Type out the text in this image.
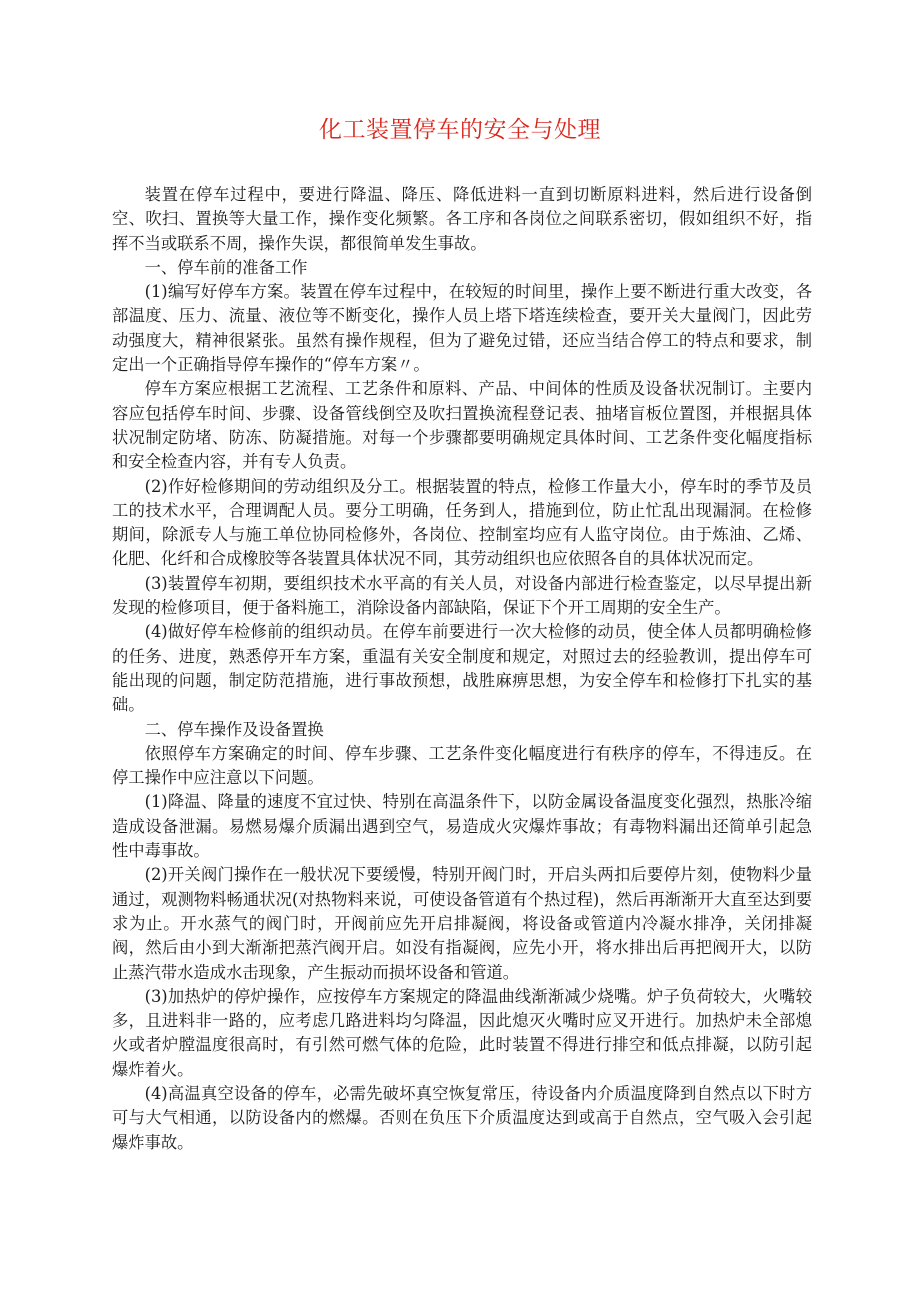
化工装置停车的安全与处理

装置在停车过程中，要进行降温、降压、降低进料一直到切断原料进料，然后进行设备倒空、吹扫、置换等大量工作，操作变化频繁。各工序和各岗位之间联系密切，假如组织不好，指挥不当或联系不周，操作失误，都很简单发生事故。

一、停车前的准备工作

(1)编写好停车方案。装置在停车过程中，在较短的时间里，操作上要不断进行重大改变，各部温度、压力、流量、液位等不断变化，操作人员上塔下塔连续检查，要开关大量阀门，因此劳动强度大，精神很紧张。虽然有操作规程，但为了避免过错，还应当结合停工的特点和要求，制定出一个正确指导停车操作的“停车方案〃。

停车方案应根据工艺流程、工艺条件和原料、产品、中间体的性质及设备状况制订。主要内容应包括停车时间、步骤、设备管线倒空及吹扫置换流程登记表、抽堵盲板位置图，并根据具体状况制定防堵、防冻、防凝措施。对每一个步骤都要明确规定具体时间、工艺条件变化幅度指标和安全检查内容，并有专人负责。

(2)作好检修期间的劳动组织及分工。根据装置的特点，检修工作量大小，停车时的季节及员工的技术水平，合理调配人员。要分工明确，任务到人，措施到位，防止忙乱出现漏洞。在检修期间，除派专人与施工单位协同检修外，各岗位、控制室均应有人监守岗位。由于炼油、乙烯、化肥、化纤和合成橡胶等各装置具体状况不同，其劳动组织也应依照各自的具体状况而定。

(3)装置停车初期，要组织技术水平高的有关人员，对设备内部进行检查鉴定，以尽早提出新发现的检修项目，便于备料施工，消除设备内部缺陷，保证下个开工周期的安全生产。

(4)做好停车检修前的组织动员。在停车前要进行一次大检修的动员，使全体人员都明确检修的任务、进度，熟悉停开车方案，重温有关安全制度和规定，对照过去的经验教训，提出停车可能出现的问题，制定防范措施，进行事故预想，战胜麻痹思想，为安全停车和检修打下扎实的基础。

二、停车操作及设备置换

依照停车方案确定的时间、停车步骤、工艺条件变化幅度进行有秩序的停车，不得违反。在停工操作中应注意以下问题。

(1)降温、降量的速度不宜过快、特别在高温条件下，以防金属设备温度变化强烈，热胀冷缩造成设备泄漏。易燃易爆介质漏出遇到空气，易造成火灾爆炸事故；有毒物料漏出还简单引起急性中毒事故。

(2)开关阀门操作在一般状况下要缓慢，特别开阀门时，开启头两扣后要停片刻，使物料少量通过，观测物料畅通状况(对热物料来说，可使设备管道有个热过程)，然后再渐渐开大直至达到要求为止。开水蒸气的阀门时，开阀前应先开启排凝阀，将设备或管道内冷凝水排净，关闭排凝阀，然后由小到大渐渐把蒸汽阀开启。如没有指凝阀，应先小开，将水排出后再把阀开大，以防止蒸汽带水造成水击现象，产生振动而损坏设备和管道。

(3)加热炉的停炉操作，应按停车方案规定的降温曲线渐渐减少烧嘴。炉子负荷较大，火嘴较多，且进料非一路的，应考虑几路进料均匀降温，因此熄灭火嘴时应叉开进行。加热炉未全部熄火或者炉膛温度很高时，有引然可燃气体的危险，此时装置不得进行排空和低点排凝，以防引起爆炸着火。

(4)高温真空设备的停车，必需先破坏真空恢复常压，待设备内介质温度降到自然点以下时方可与大气相通，以防设备内的燃爆。否则在负压下介质温度达到或高于自然点，空气吸入会引起爆炸事故。
